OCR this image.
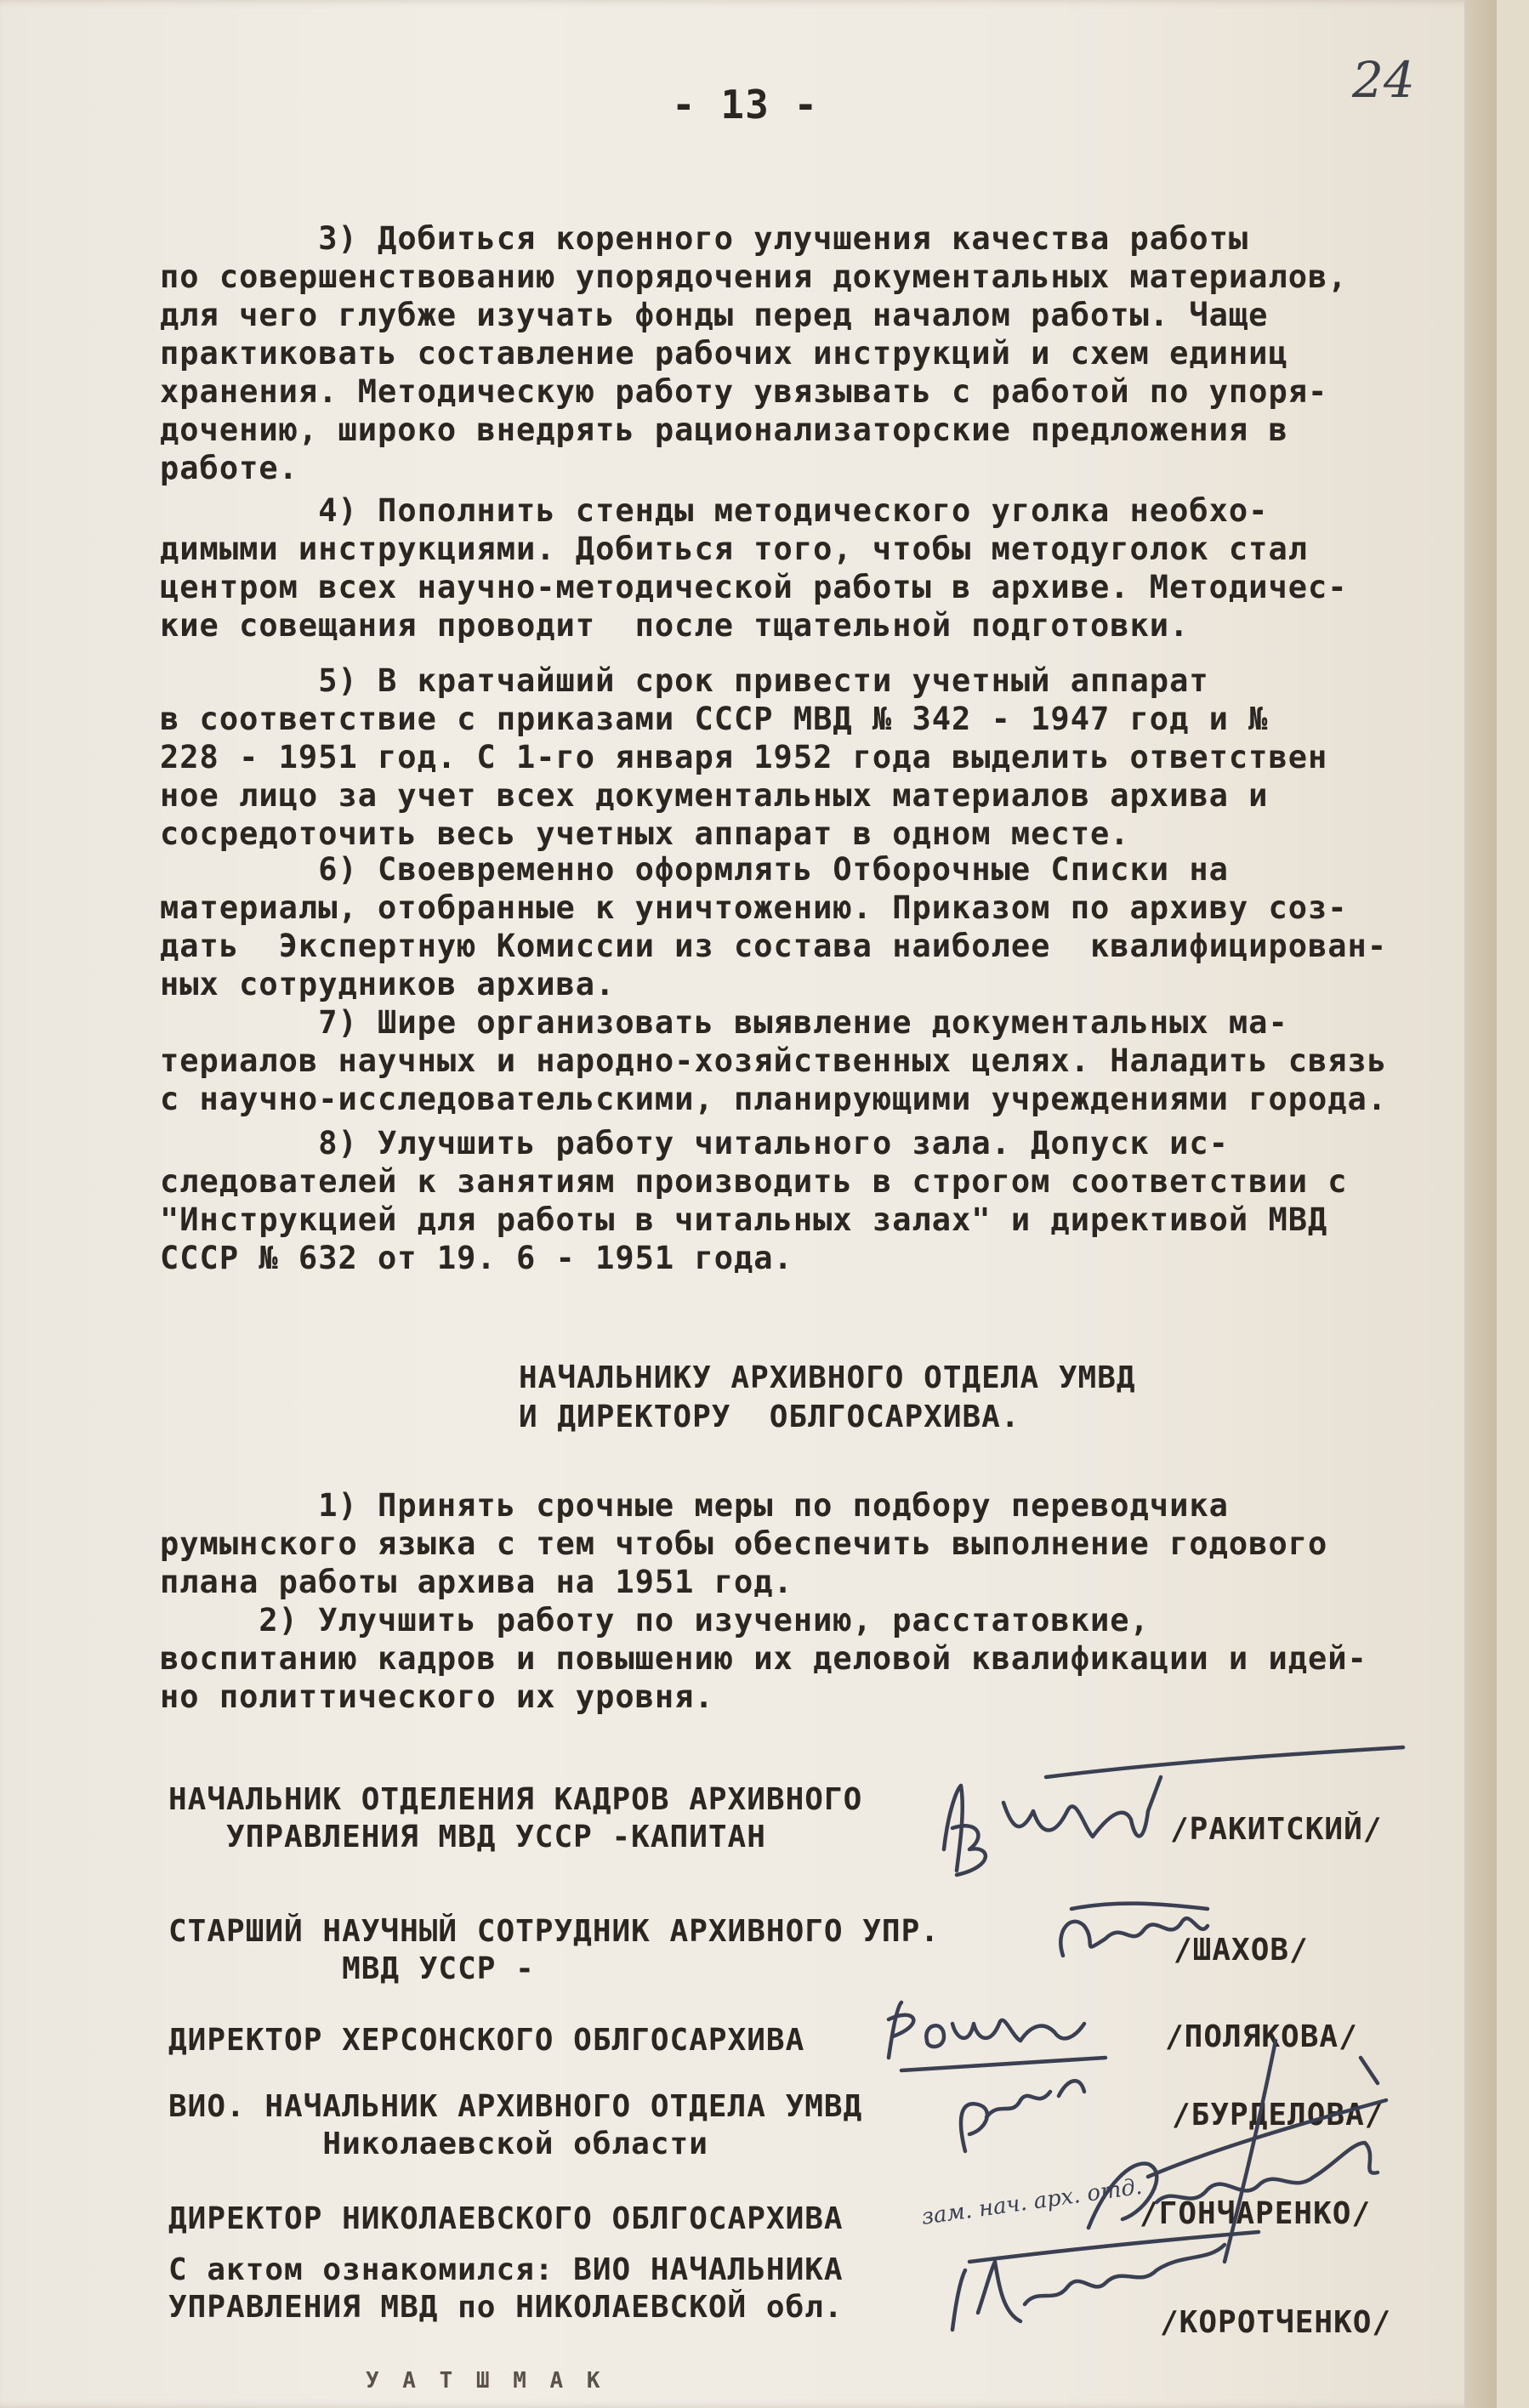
- 13 -	24

3) Добиться коренного улучшения качества работы
по совершенствованию упорядочения документальных материалов,
для чего глубже изучать фонды перед началом работы. Чаще
практиковать составление рабочих инструкций и схем единиц
хранения. Методическую работу увязывать с работой по упоря-
дочению, широко внедрять рационализаторские предложения в
работе.

4) Пополнить стенды методического уголка необхо-
димыми инструкциями. Добиться того, чтобы методуголок стал
центром всех научно-методической работы в архиве. Методичес-
кие совещания проводит  после тщательной подготовки.

5) В кратчайший срок привести учетный аппарат
в соответствие с приказами СССР МВД № 342 - 1947 год и №
228 - 1951 год. С 1-го января 1952 года выделить ответствен
ное лицо за учет всех документальных материалов архива и
сосредоточить весь учетных аппарат в одном месте.

6) Своевременно оформлять Отборочные Списки на
материалы, отобранные к уничтожению. Приказом по архиву соз-
дать  Экспертную Комиссии из состава наиболее  квалифицирован-
ных сотрудников архива.

7) Шире организовать выявление документальных ма-
териалов научных и народно-хозяйственных целях. Наладить связь
с научно-исследовательскими, планирующими учреждениями города.

8) Улучшить работу читального зала. Допуск ис-
следователей к занятиям производить в строгом соответствии с
"Инструкцией для работы в читальных залах" и директивой МВД
СССР № 632 от 19. 6 - 1951 года.

НАЧАЛЬНИКУ АРХИВНОГО ОТДЕЛА УМВД
И ДИРЕКТОРУ  ОБЛГОСАРХИВА.

1) Принять срочные меры по подбору переводчика
румынского языка с тем чтобы обеспечить выполнение годового
плана работы архива на 1951 год.
2) Улучшить работу по изучению, расстатовкие,
воспитанию кадров и повышению их деловой квалификации и идей-
но политтического их уровня.

НАЧАЛЬНИК ОТДЕЛЕНИЯ КАДРОВ АРХИВНОГО
УПРАВЛЕНИЯ МВД УССР -КАПИТАН	/РАКИТСКИЙ/
СТАРШИЙ НАУЧНЫЙ СОТРУДНИК АРХИВНОГО УПР.
МВД УССР -
/ШАХОВ/
ДИРЕКТОР ХЕРСОНСКОГО ОБЛГОСАРХИВА	/ПОЛЯКОВА/
ВИО. НАЧАЛЬНИК АРХИВНОГО ОТДЕЛА УМВД
Николаевской области
/БУРДЕЛОВА/
ДИРЕКТОР НИКОЛАЕВСКОГО ОБЛГОСАРХИВА	/ГОНЧАРЕНКО/
С актом ознакомился: ВИО НАЧАЛЬНИКА
УПРАВЛЕНИЯ МВД по НИКОЛАЕВСКОЙ обл.	/КОРОТЧЕНКО/
зам. нач. арх. отд.
У А Т Ш М А К
